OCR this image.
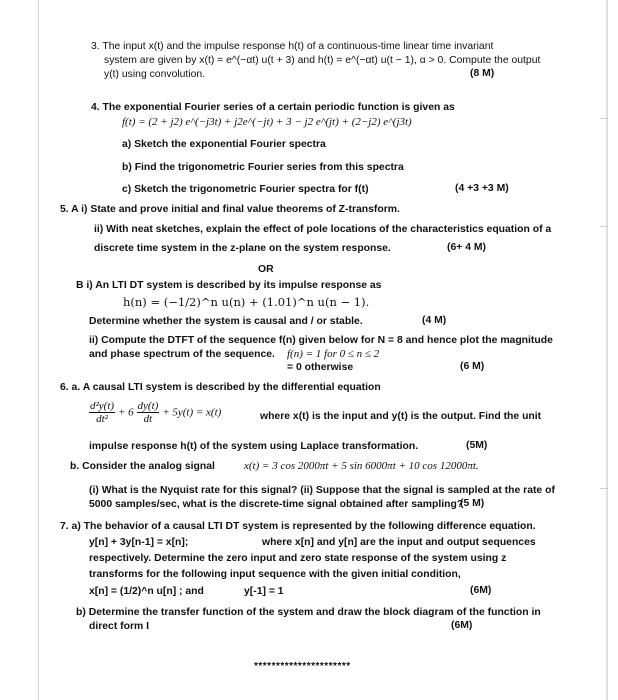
3. The input x(t) and the impulse response h(t) of a continuous-time linear time invariant
system are given by x(t) = e^(−αt) u(t + 3) and h(t) = e^(−αt) u(t − 1), α > 0. Compute the output
y(t) using convolution.	(8 M)
4. The exponential Fourier series of a certain periodic function is given as
f(t) = (2 + j2) e^(−j3t) + j2e^(−jt) + 3 − j2 e^(jt) + (2−j2) e^(j3t)
a) Sketch the exponential Fourier spectra
b) Find the trigonometric Fourier series from this spectra
c) Sketch the trigonometric Fourier spectra for f(t)	(4 +3 +3 M)
5. A i) State and prove initial and final value theorems of Z-transform.
ii) With neat sketches, explain the effect of pole locations of the characteristics equation of a
discrete time system in the z-plane on the system response.	(6+ 4 M)
OR
B i) An LTI DT system is described by its impulse response as
h(n) = (−1/2)^n u(n) + (1.01)^n u(n − 1).
Determine whether the system is causal and / or stable.	(4 M)
ii) Compute the DTFT of the sequence f(n) given below for N = 8 and hence plot the magnitude
and phase spectrum of the sequence. f(n) = 1 for 0 ≤ n ≤ 2
= 0 otherwise	(6 M)
6. a. A causal LTI system is described by the differential equation
$\frac{\text{d²y(t)}}{\text{dt²}} + 6 \frac{dy(t)}{dt} + 5y(t) = x(t)$	where x(t) is the input and y(t) is the output. Find the unit
impulse response h(t) of the system using Laplace transformation.	(5M)
b. Consider the analog signal	x(t) = 3 cos 2000πt + 5 sin 6000πt + 10 cos 12000πt.
(i) What is the Nyquist rate for this signal? (ii) Suppose that the signal is sampled at the rate of
5000 samples/sec, what is the discrete-time signal obtained after sampling?
(5 M)
7. a) The behavior of a causal LTI DT system is represented by the following difference equation.
y[n] + 3y[n-1] = x[n];	where x[n] and y[n] are the input and output sequences
respectively. Determine the zero input and zero state response of the system using z
transforms for the following input sequence with the given initial condition,
x[n] = (1/2)^n u[n] ; and	y[-1] = 1	(6M)
b) Determine the transfer function of the system and draw the block diagram of the function in
direct form I	(6M)
**********************
